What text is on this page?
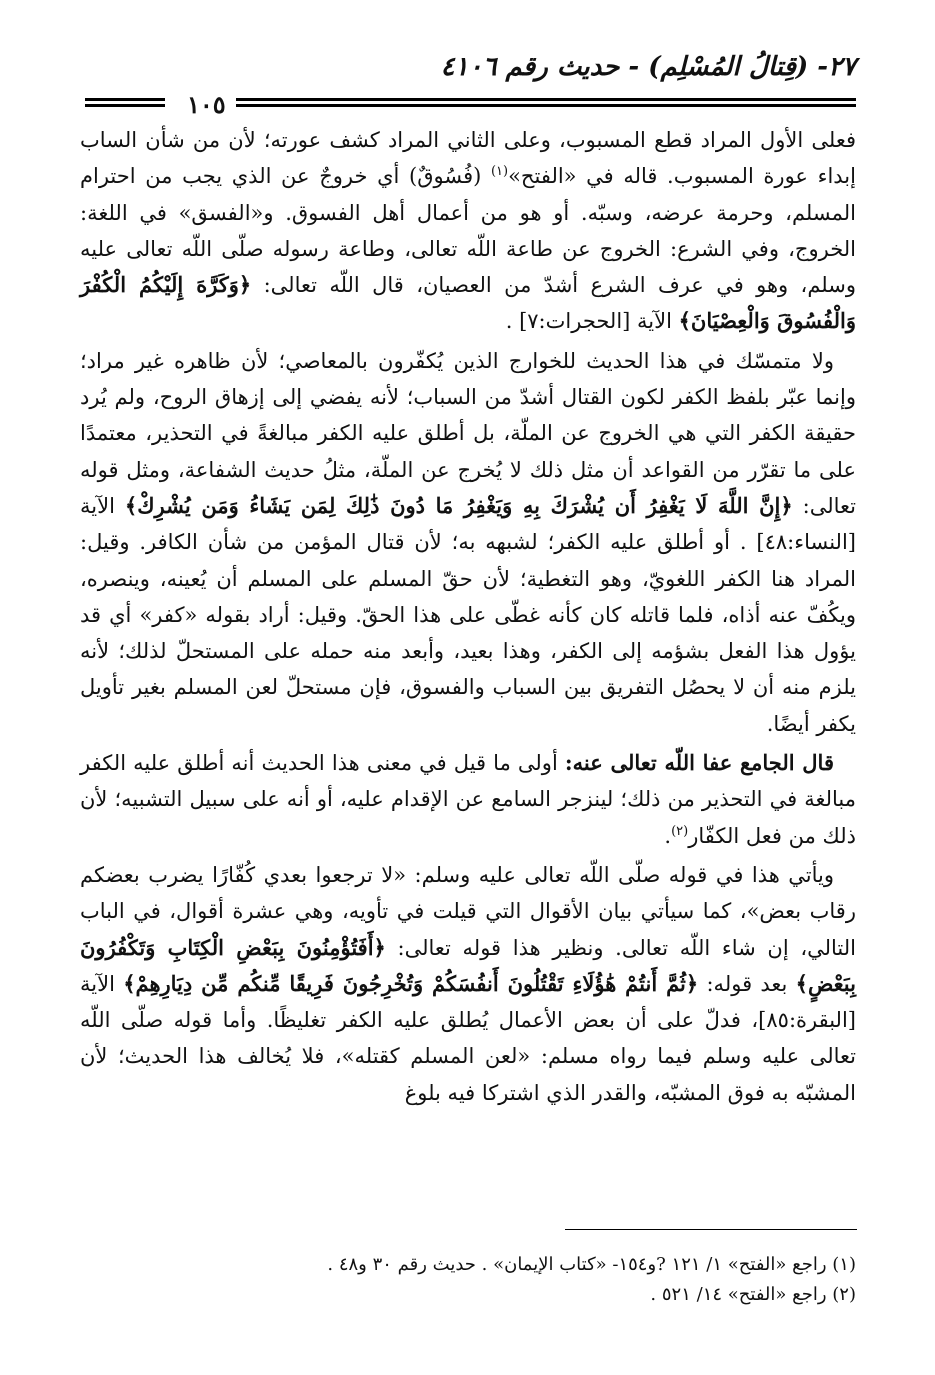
٢٧- (قِتالُ المُسْلِم) - حديث رقم ٤١٠٦
١٠٥

فعلى الأول المراد قطع المسبوب، وعلى الثاني المراد كشف عورته؛ لأن من شأن الساب إبداء عورة المسبوب. قاله في «الفتح»$^{(١)}$ (فُسُوقٌ) أي خروجٌ عن الذي يجب من احترام المسلم، وحرمة عرضه، وسبّه. أو هو من أعمال أهل الفسوق. و«الفسق» في اللغة: الخروج، وفي الشرع: الخروج عن طاعة اللّه تعالى، وطاعة رسوله صلّى اللّه تعالى عليه وسلم، وهو في عرف الشرع أشدّ من العصيان، قال اللّه تعالى: ﴿وَكَرَّهَ إِلَيْكُمُ الْكُفْرَ وَالْفُسُوقَ وَالْعِصْيَانَ﴾ الآية [الحجرات:٧] .

ولا متمسّك في هذا الحديث للخوارج الذين يُكفّرون بالمعاصي؛ لأن ظاهره غير مراد؛ وإنما عبّر بلفظ الكفر لكون القتال أشدّ من السباب؛ لأنه يفضي إلى إزهاق الروح، ولم يُرد حقيقة الكفر التي هي الخروج عن الملّة، بل أطلق عليه الكفر مبالغةً في التحذير، معتمدًا على ما تقرّر من القواعد أن مثل ذلك لا يُخرج عن الملّة، مثلُ حديث الشفاعة، ومثل قوله تعالى: ﴿إِنَّ اللَّهَ لَا يَغْفِرُ أَن يُشْرَكَ بِهِ وَيَغْفِرُ مَا دُونَ ذَٰلِكَ لِمَن يَشَاءُ وَمَن يُشْرِكْ﴾ الآية [النساء:٤٨] . أو أطلق عليه الكفر؛ لشبهه به؛ لأن قتال المؤمن من شأن الكافر. وقيل: المراد هنا الكفر اللغويّ، وهو التغطية؛ لأن حقّ المسلم على المسلم أن يُعينه، وينصره، ويكُفّ عنه أذاه، فلما قاتله كان كأنه غطّى على هذا الحقّ. وقيل: أراد بقوله «كفر» أي قد يؤول هذا الفعل بشؤمه إلى الكفر، وهذا بعيد، وأبعد منه حمله على المستحلّ لذلك؛ لأنه يلزم منه أن لا يحصُل التفريق بين السباب والفسوق، فإن مستحلّ لعن المسلم بغير تأويل يكفر أيضًا.

قال الجامع عفا اللّه تعالى عنه: أولى ما قيل في معنى هذا الحديث أنه أطلق عليه الكفر مبالغة في التحذير من ذلك؛ لينزجر السامع عن الإقدام عليه، أو أنه على سبيل التشبيه؛ لأن ذلك من فعل الكفّار$^{(٢)}$.

ويأتي هذا في قوله صلّى اللّه تعالى عليه وسلم: «لا ترجعوا بعدي كُفّارًا يضرب بعضكم رقاب بعض»، كما سيأتي بيان الأقوال التي قيلت في تأويه، وهي عشرة أقوال، في الباب التالي، إن شاء اللّه تعالى. ونظير هذا قوله تعالى: ﴿أَفَتُؤْمِنُونَ بِبَعْضِ الْكِتَابِ وَتَكْفُرُونَ بِبَعْضٍ﴾ بعد قوله: ﴿ثُمَّ أَنتُمْ هَٰؤُلَاءِ تَقْتُلُونَ أَنفُسَكُمْ وَتُخْرِجُونَ فَرِيقًا مِّنكُم مِّن دِيَارِهِمْ﴾ الآية [البقرة:٨٥]، فدلّ على أن بعض الأعمال يُطلق عليه الكفر تغليظًا. وأما قوله صلّى اللّه تعالى عليه وسلم فيما رواه مسلم: «لعن المسلم كقتله»، فلا يُخالف هذا الحديث؛ لأن المشبّه به فوق المشبّه، والقدر الذي اشتركا فيه بلوغ

(١) راجع «الفتح» ١/ ١٢١ ?و١٥٤- «كتاب الإيمان» . حديث رقم ٣٠ و٤٨ .
(٢) راجع «الفتح» ١٤/ ٥٢١ .
